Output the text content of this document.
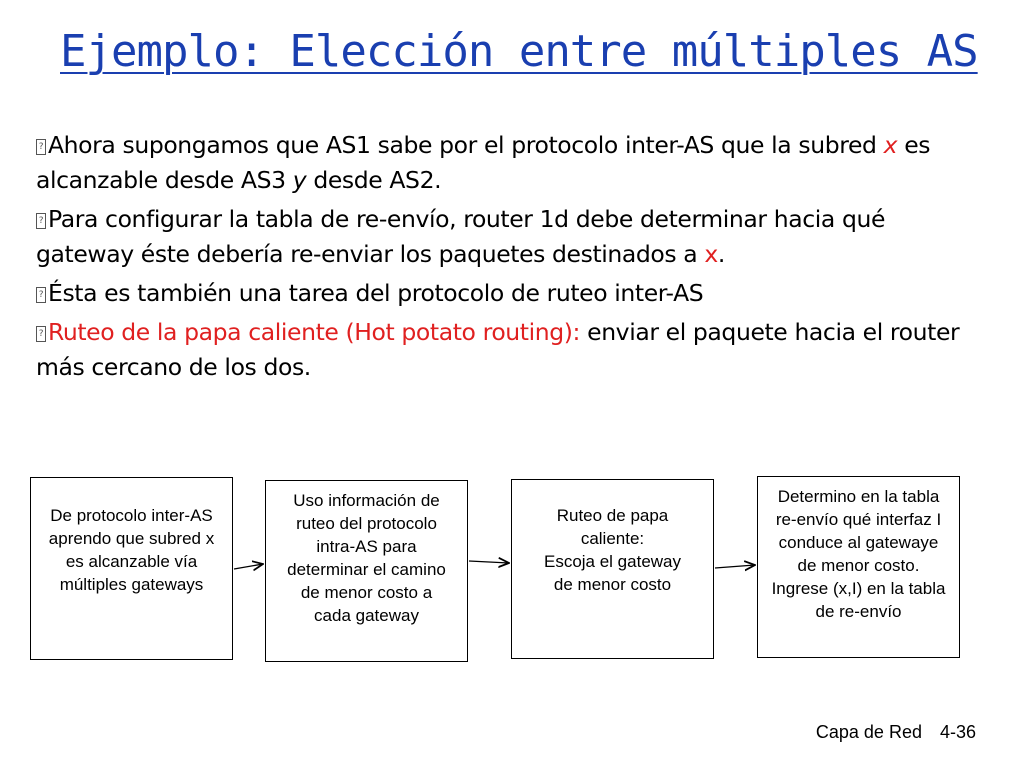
Ejemplo: Elección entre múltiples AS
? Ahora supongamos que AS1 sabe por el protocolo inter-AS que la subred x es alcanzable desde AS3 y desde AS2.
? Para configurar la tabla de re-envío, router 1d debe determinar hacia qué gateway éste debería re-enviar los paquetes destinados a x.
? Ésta es también una tarea del protocolo de ruteo inter-AS
? Ruteo de la papa caliente (Hot potato routing): enviar el paquete hacia el router más cercano de los dos.
De protocolo inter-AS
aprendo que subred x
es alcanzable vía
múltiples gateways
Uso información de
ruteo del protocolo
intra-AS para
determinar el camino
de menor costo a
cada gateway
Ruteo de papa
caliente:
Escoja el gateway
de menor costo
Determino en la tabla
re-envío qué interfaz I
conduce al gatewaye
de menor costo.
Ingrese (x,I) en la tabla
de re-envío
Capa de Red 4-36
